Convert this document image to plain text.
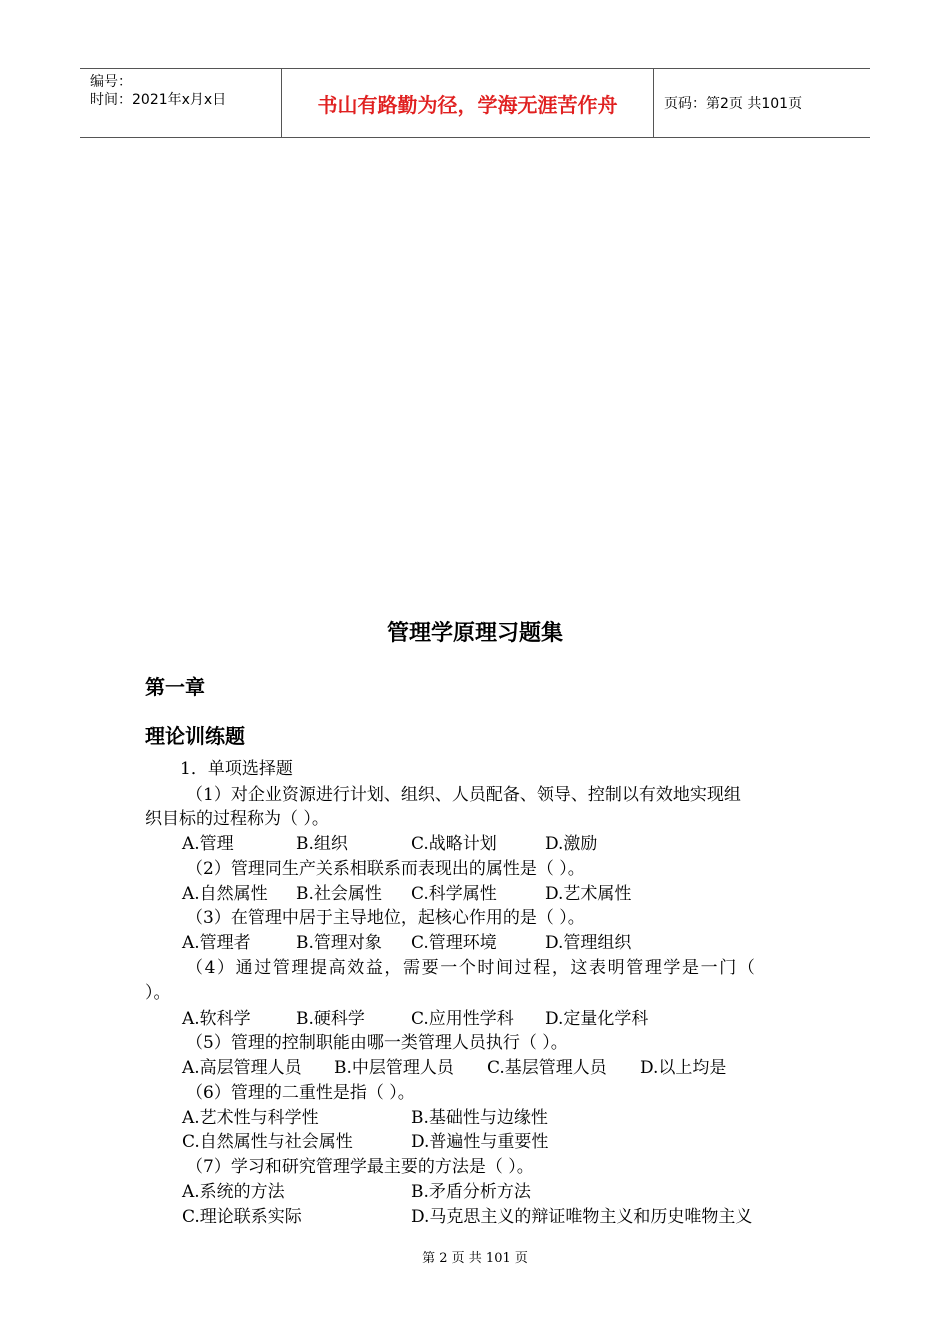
编号：
时间：2021年x月x日	书山有路勤为径，学海无涯苦作舟	页码：第2页 共101页
管理学原理习题集
第一章
理论训练题
1．单项选择题
（1）对企业资源进行计划、组织、人员配备、领导、控制以有效地实现组
织目标的过程称为（ ）。
A.管理	B.组织	C.战略计划	D.激励
（2）管理同生产关系相联系而表现出的属性是（ ）。
A.自然属性 B.社会属性 C.科学属性	D.艺术属性
（3）在管理中居于主导地位，起核心作用的是（ ）。
A.管理者	B.管理对象 C.管理环境	D.管理组织
（4）通过管理提高效益，需要一个时间过程，这表明管理学是一门（
）。
A.软科学	B.硬科学	C.应用性学科 D.定量化学科
（5）管理的控制职能由哪一类管理人员执行（ ）。
A.高层管理人员 B.中层管理人员 C.基层管理人员 D.以上均是
（6）管理的二重性是指（ ）。
A.艺术性与科学性	B.基础性与边缘性
C.自然属性与社会属性	D.普遍性与重要性
（7）学习和研究管理学最主要的方法是（ ）。
A.系统的方法	B.矛盾分析方法
C.理论联系实际	D.马克思主义的辩证唯物主义和历史唯物主义
第 2 页 共 101 页
